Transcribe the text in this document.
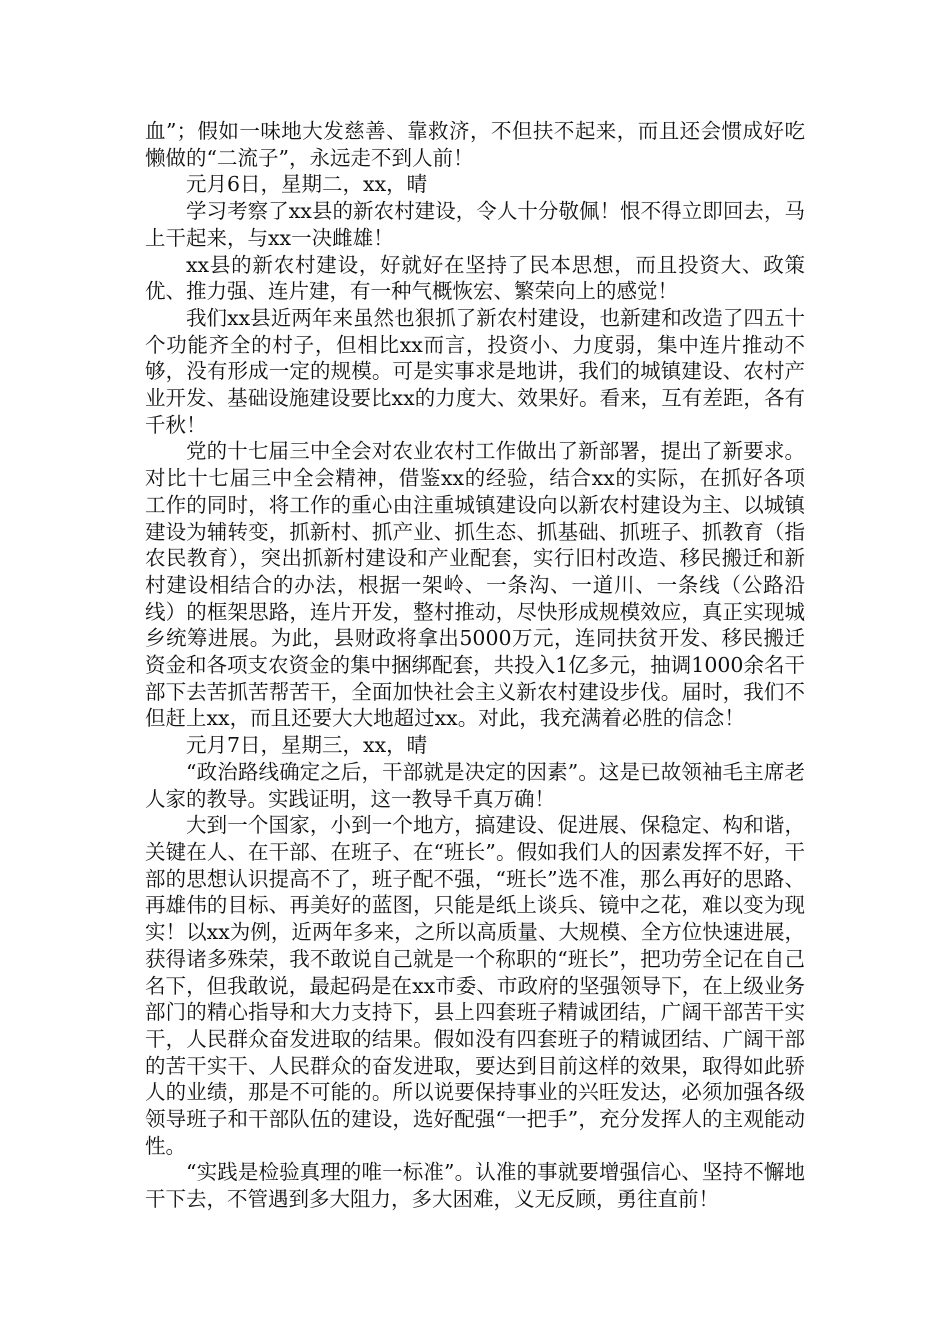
血”；假如一味地大发慈善、靠救济，不但扶不起来，而且还会惯成好吃懒做的“二流子”，永远走不到人前！

元月6日，星期二，xx，晴

学习考察了xx县的新农村建设，令人十分敬佩！恨不得立即回去，马上干起来，与xx一决雌雄！

xx县的新农村建设，好就好在坚持了民本思想，而且投资大、政策优、推力强、连片建，有一种气概恢宏、繁荣向上的感觉！

我们xx县近两年来虽然也狠抓了新农村建设，也新建和改造了四五十个功能齐全的村子，但相比xx而言，投资小、力度弱，集中连片推动不够，没有形成一定的规模。可是实事求是地讲，我们的城镇建设、农村产业开发、基础设施建设要比xx的力度大、效果好。看来，互有差距，各有千秋！

党的十七届三中全会对农业农村工作做出了新部署，提出了新要求。对比十七届三中全会精神，借鉴xx的经验，结合xx的实际，在抓好各项工作的同时，将工作的重心由注重城镇建设向以新农村建设为主、以城镇建设为辅转变，抓新村、抓产业、抓生态、抓基础、抓班子、抓教育（指农民教育），突出抓新村建设和产业配套，实行旧村改造、移民搬迁和新村建设相结合的办法，根据一架岭、一条沟、一道川、一条线（公路沿线）的框架思路，连片开发，整村推动，尽快形成规模效应，真正实现城乡统筹进展。为此，县财政将拿出5000万元，连同扶贫开发、移民搬迁资金和各项支农资金的集中捆绑配套，共投入1亿多元，抽调1000余名干部下去苦抓苦帮苦干，全面加快社会主义新农村建设步伐。届时，我们不但赶上xx，而且还要大大地超过xx。对此，我充满着必胜的信念！

元月7日，星期三，xx，晴

“政治路线确定之后，干部就是决定的因素”。这是已故领袖毛主席老人家的教导。实践证明，这一教导千真万确！

大到一个国家，小到一个地方，搞建设、促进展、保稳定、构和谐，关键在人、在干部、在班子、在“班长”。假如我们人的因素发挥不好，干部的思想认识提高不了，班子配不强，“班长”选不准，那么再好的思路、再雄伟的目标、再美好的蓝图，只能是纸上谈兵、镜中之花，难以变为现实！以xx为例，近两年多来，之所以高质量、大规模、全方位快速进展，获得诸多殊荣，我不敢说自己就是一个称职的“班长”，把功劳全记在自己名下，但我敢说，最起码是在xx市委、市政府的坚强领导下，在上级业务部门的精心指导和大力支持下，县上四套班子精诚团结，广阔干部苦干实干，人民群众奋发进取的结果。假如没有四套班子的精诚团结、广阔干部的苦干实干、人民群众的奋发进取，要达到目前这样的效果，取得如此骄人的业绩，那是不可能的。所以说要保持事业的兴旺发达，必须加强各级领导班子和干部队伍的建设，选好配强“一把手”，充分发挥人的主观能动性。

“实践是检验真理的唯一标准”。认准的事就要增强信心、坚持不懈地干下去，不管遇到多大阻力，多大困难，义无反顾，勇往直前！
